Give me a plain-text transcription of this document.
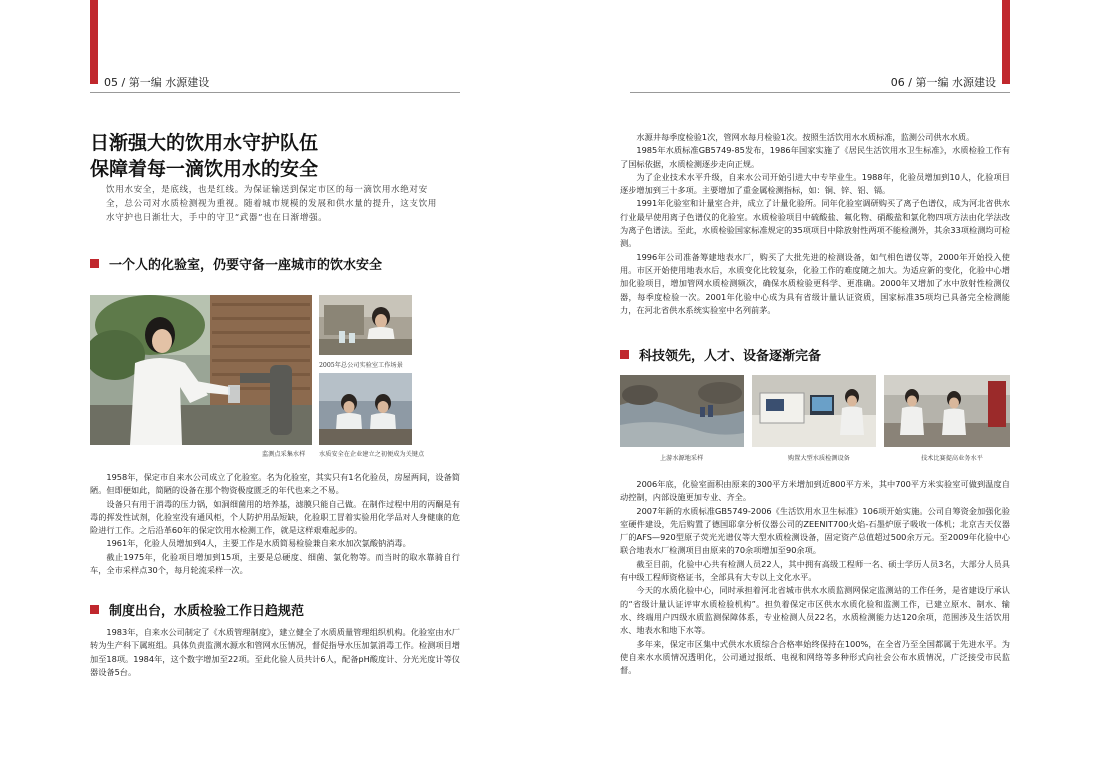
05 / 第一编 水源建设
日渐强大的饮用水守护队伍
保障着每一滴饮用水的安全
饮用水安全，是底线，也是红线。为保证输送到保定市区的每一滴饮用水绝对安全，总公司对水质检测视为重视。随着城市规模的发展和供水量的提升，这支饮用水守护也日渐壮大，手中的守卫“武器”也在日渐增强。
一个人的化验室，仍要守备一座城市的饮水安全
2005年总公司实验室工作场景
监测点采集水样 水质安全在企业建立之初便成为关键点

1958年，保定市自来水公司成立了化验室。名为化验室，其实只有1名化验员，房屋两间，设备简陋。但即便如此，简陋的设备在那个物资极度匮乏的年代也来之不易。

设备只有用于消毒的压力锅，如洞细菌用的培养基，滤膜只能自己做。在制作过程中用的丙酮是有毒的挥发性试剂，化验室没有通风柜，个人防护用品短缺，化验职工冒着实验用化学品对人身健康的危险进行工作。之后沿革60年的保定饮用水检测工作，就是这样艰难起步的。

1961年，化验人员增加到4人，主要工作是水质简易检验兼自来水加次氯酸钠消毒。

截止1975年，化验项目增加到15项，主要是总硬度、细菌、氯化物等。而当时的取水靠骑自行车，全市采样点30个，每月轮流采样一次。

制度出台，水质检验工作日趋规范

1983年，自来水公司制定了《水质管理制度》，建立健全了水质质量管理组织机构。化验室由水厂转为生产科下属班组。具体负责监测水源水和管网水压情况，督促指导水压加氯消毒工作。检测项目增加至18项。1984年，这个数字增加至22项。至此化验人员共计6人，配备pH酸度计、分光光度计等仪器设备5台。

06 / 第一编 水源建设

水源井每季度检验1次，管网水每月检验1次。按照生活饮用水水质标准，监测公司供水水质。

1985年水质标准GB5749-85发布，1986年国家实施了《居民生活饮用水卫生标准》，水质检验工作有了国标依据，水质检测逐步走向正规。

为了企业技术水平升级，自来水公司开始引进大中专毕业生。1988年，化验员增加到10人，化验项目逐步增加到三十多项。主要增加了重金属检测指标，如：铜、锌、铝、镉。

1991年化验室和计量室合并，成立了计量化验所。同年化验室调研购买了离子色谱仪，成为河北省供水行业最早使用离子色谱仪的化验室。水质检验项目中硫酸盐、氟化物、硝酸盐和氯化物四项方法由化学法改为离子色谱法。至此，水质检验国家标准规定的35项项目中除放射性两项不能检测外，其余33项检测均可检测。

1996年公司准备筹建地表水厂，购买了大批先进的检测设备，如气相色谱仪等，2000年开始投入使用。市区开始使用地表水后，水质变化比较复杂，化验工作的难度随之加大。为适应新的变化，化验中心增加化验项目，增加管网水质检测频次，确保水质检验更科学、更准确。2000年又增加了水中放射性检测仪器，每季度检验一次。2001年化验中心成为具有省级计量认证资质，国家标准35项均已具备完全检测能力，在河北省供水系统实验室中名列前茅。

科技领先，人才、设备逐渐完备
上游水源地采样	购置大型水质检测设备	技术比赛提高业务水平

2006年底，化验室面积由原来的300平方米增加到近800平方米，其中700平方米实验室可做到温度自动控制，内部设施更加专业、齐全。

2007年新的水质标准GB5749-2006《生活饮用水卫生标准》106项开始实施。公司自筹资金加强化验室硬件建设，先后购置了德国耶拿分析仪器公司的ZEENIT700火焰-石墨炉原子吸收一体机；北京吉天仪器厂的AFS—920型原子荧光光谱仪等大型水质检测设备，固定资产总值超过500余万元。至2009年化验中心联合地表水厂检测项目由原来的70余项增加至90余项。

截至目前，化验中心共有检测人员22人，其中拥有高级工程师一名、硕士学历人员3名，大部分人员具有中级工程师资格证书，全部具有大专以上文化水平。

今天的水质化验中心，同时承担着河北省城市供水水质监测网保定监测站的工作任务，是省建设厅承认的“省级计量认证评审水质检验机构”。担负着保定市区供水水质化验和监测工作，已建立原水、制水、输水、终端用户四级水质监测保障体系，专业检测人员22名，水质检测能力达120余项，范围涉及生活饮用水、地表水和地下水等。

多年来，保定市区集中式供水水质综合合格率始终保持在100%，在全省乃至全国都属于先进水平。为使自来水水质情况透明化，公司通过报纸、电视和网络等多种形式向社会公布水质情况，广泛接受市民监督。
